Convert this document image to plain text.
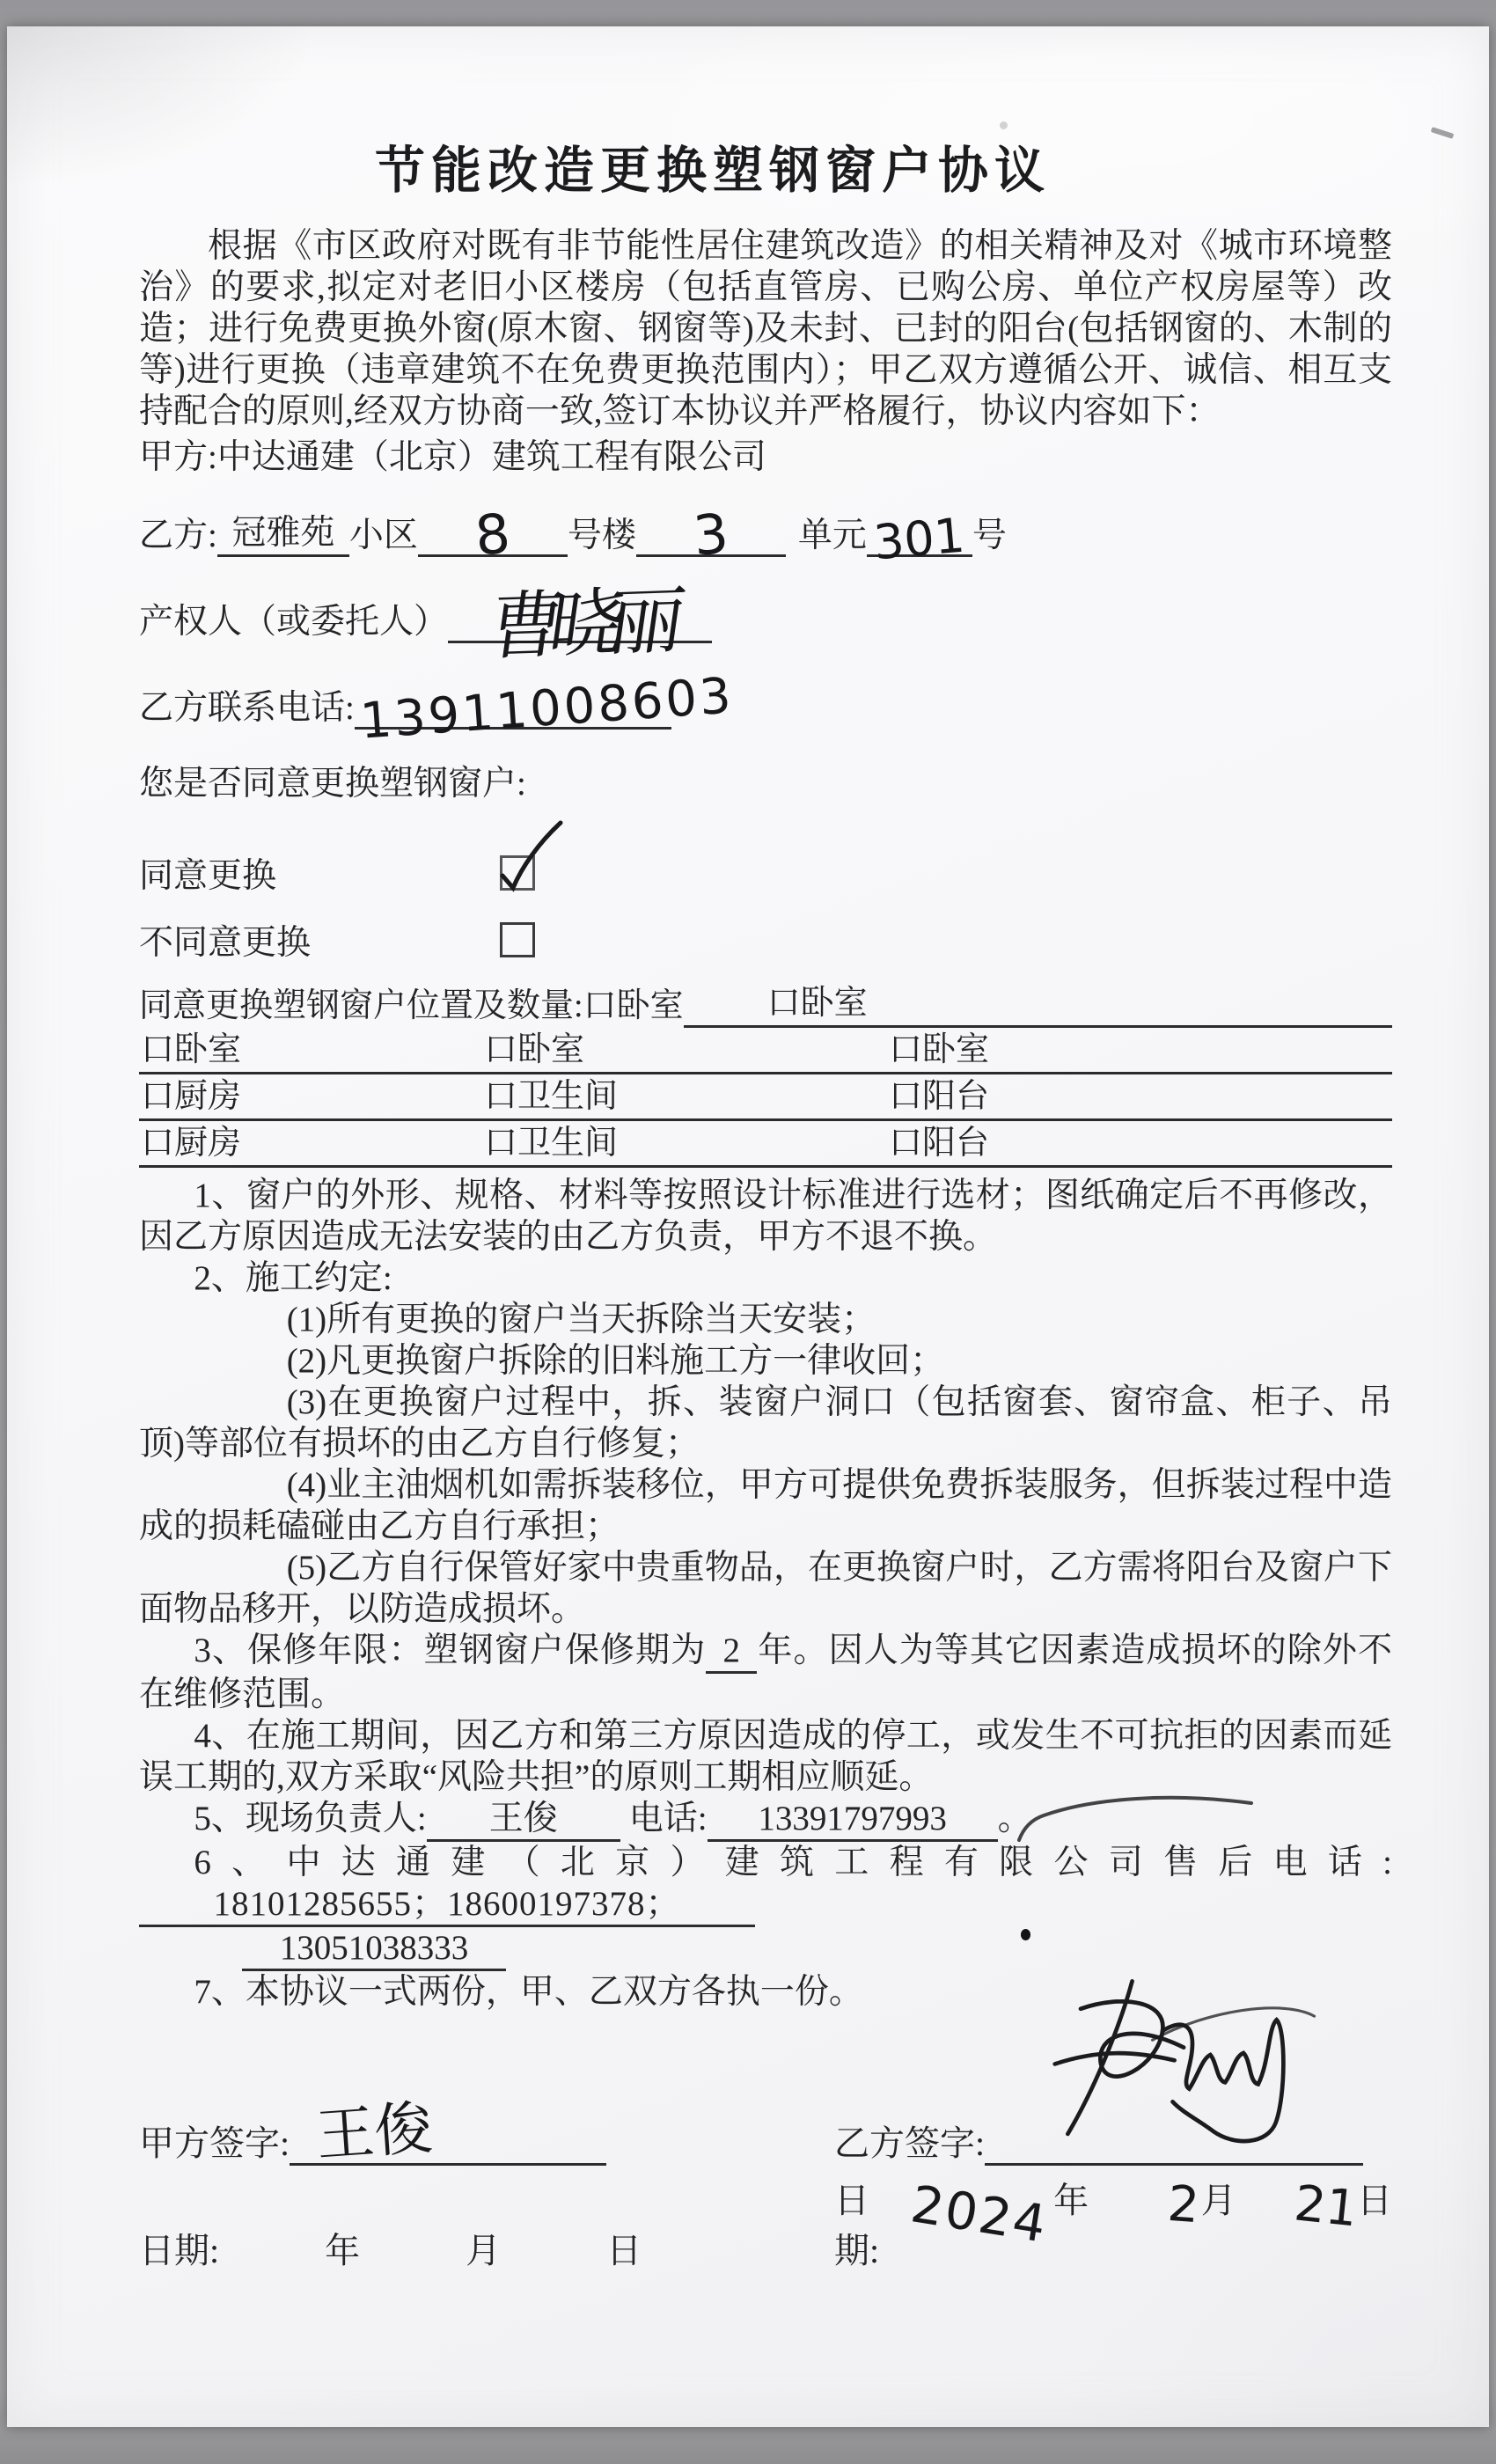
节能改造更换塑钢窗户协议

根据《市区政府对既有非节能性居住建筑改造》的相关精神及对《城市环境整治》的要求,拟定对老旧小区楼房（包括直管房、已购公房、单位产权房屋等）改造；进行免费更换外窗(原木窗、钢窗等)及未封、已封的阳台(包括钢窗的、木制的等)进行更换（违章建筑不在免费更换范围内）；甲乙双方遵循公开、诚信、相互支持配合的原则,经双方协商一致,签订本协议并严格履行，协议内容如下：

甲方:中达通建（北京）建筑工程有限公司

乙方: 冠雅苑 小区	8	号楼	3	单元 301 号
产权人（或委托人） 曹晓丽
乙方联系电话: 13911008603

您是否同意更换塑钢窗户:

同意更换
不同意更换
同意更换塑钢窗户位置及数量:口卧室	口卧室
口卧室	口卧室	口卧室
口厨房	口卫生间	口阳台
口厨房	口卫生间	口阳台

1、窗户的外形、规格、材料等按照设计标准进行选材；图纸确定后不再修改，因乙方原因造成无法安装的由乙方负责，甲方不退不换。

2、施工约定:

(1)所有更换的窗户当天拆除当天安装；

(2)凡更换窗户拆除的旧料施工方一律收回；

(3)在更换窗户过程中，拆、装窗户洞口（包括窗套、窗帘盒、柜子、吊顶)等部位有损坏的由乙方自行修复；

(4)业主油烟机如需拆装移位，甲方可提供免费拆装服务，但拆装过程中造成的损耗磕碰由乙方自行承担；

(5)乙方自行保管好家中贵重物品，在更换窗户时，乙方需将阳台及窗户下面物品移开，以防造成损坏。

3、保修年限：塑钢窗户保修期为 2 年。因人为等其它因素造成损坏的除外不在维修范围。

4、在施工期间，因乙方和第三方原因造成的停工，或发生不可抗拒的因素而延误工期的,双方采取“风险共担”的原则工期相应顺延。

5、现场负责人: 王俊 电话: 13391797993 。

6、中达通建（北京）建筑工程有限公司售后电话:18101285655；18600197378；

13051038333

7、本协议一式两份，甲、乙双方各执一份。

甲方签字: 王俊	乙方签字:
日期:	年	月	日
日期: 2024 年 2 月 21
日
